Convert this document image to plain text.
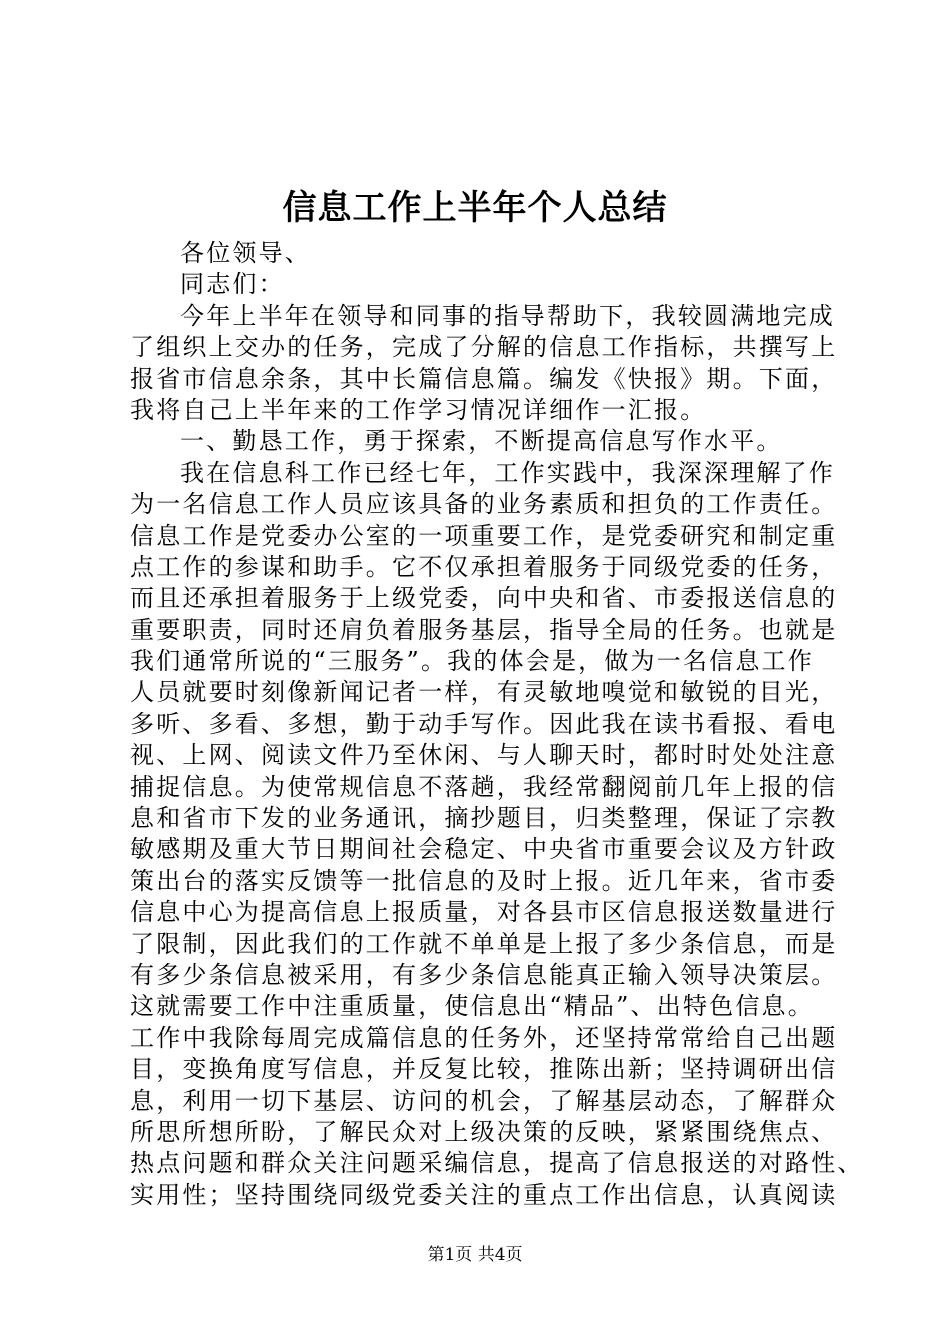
信息工作上半年个人总结
各位领导、
同志们：
今年上半年在领导和同事的指导帮助下，我较圆满地完成
了组织上交办的任务，完成了分解的信息工作指标，共撰写上
报省市信息余条，其中长篇信息篇。编发《快报》期。下面，
我将自己上半年来的工作学习情况详细作一汇报。
一、勤恳工作，勇于探索，不断提高信息写作水平。
我在信息科工作已经七年，工作实践中，我深深理解了作
为一名信息工作人员应该具备的业务素质和担负的工作责任。
信息工作是党委办公室的一项重要工作，是党委研究和制定重
点工作的参谋和助手。它不仅承担着服务于同级党委的任务，
而且还承担着服务于上级党委，向中央和省、市委报送信息的
重要职责，同时还肩负着服务基层，指导全局的任务。也就是
我们通常所说的“三服务”。我的体会是，做为一名信息工作
人员就要时刻像新闻记者一样，有灵敏地嗅觉和敏锐的目光，
多听、多看、多想，勤于动手写作。因此我在读书看报、看电
视、上网、阅读文件乃至休闲、与人聊天时，都时时处处注意
捕捉信息。为使常规信息不落趟，我经常翻阅前几年上报的信
息和省市下发的业务通讯，摘抄题目，归类整理，保证了宗教
敏感期及重大节日期间社会稳定、中央省市重要会议及方针政
策出台的落实反馈等一批信息的及时上报。近几年来，省市委
信息中心为提高信息上报质量，对各县市区信息报送数量进行
了限制，因此我们的工作就不单单是上报了多少条信息，而是
有多少条信息被采用，有多少条信息能真正输入领导决策层。
这就需要工作中注重质量，使信息出“精品”、出特色信息。
工作中我除每周完成篇信息的任务外，还坚持常常给自己出题
目，变换角度写信息，并反复比较，推陈出新；坚持调研出信
息，利用一切下基层、访问的机会，了解基层动态，了解群众
所思所想所盼，了解民众对上级决策的反映，紧紧围绕焦点、
热点问题和群众关注问题采编信息，提高了信息报送的对路性、
实用性；坚持围绕同级党委关注的重点工作出信息，认真阅读
第1页 共4页
